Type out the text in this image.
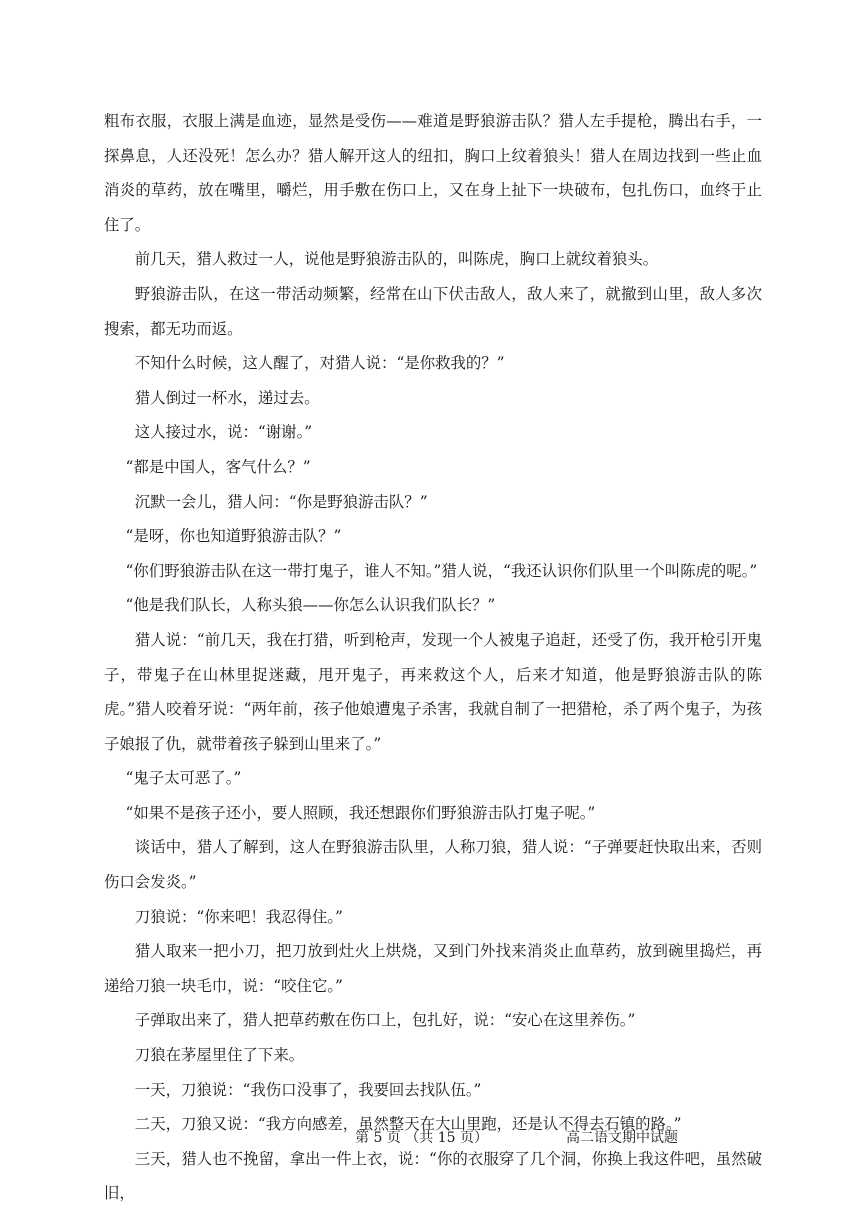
粗布衣服，衣服上满是血迹，显然是受伤——难道是野狼游击队？猎人左手提枪，腾出右手，一探鼻息，人还没死！怎么办？猎人解开这人的纽扣，胸口上纹着狼头！猎人在周边找到一些止血消炎的草药，放在嘴里，嚼烂，用手敷在伤口上，又在身上扯下一块破布，包扎伤口，血终于止住了。

前几天，猎人救过一人，说他是野狼游击队的，叫陈虎，胸口上就纹着狼头。

野狼游击队，在这一带活动频繁，经常在山下伏击敌人，敌人来了，就撤到山里，敌人多次搜索，都无功而返。

不知什么时候，这人醒了，对猎人说：“是你救我的？”

猎人倒过一杯水，递过去。

这人接过水，说：“谢谢。”

“都是中国人，客气什么？”

沉默一会儿，猎人问：“你是野狼游击队？”

“是呀，你也知道野狼游击队？”

“你们野狼游击队在这一带打鬼子，谁人不知。”猎人说，“我还认识你们队里一个叫陈虎的呢。”

“他是我们队长，人称头狼——你怎么认识我们队长？”

猎人说：“前几天，我在打猎，听到枪声，发现一个人被鬼子追赶，还受了伤，我开枪引开鬼子，带鬼子在山林里捉迷藏，甩开鬼子，再来救这个人，后来才知道，他是野狼游击队的陈虎。”猎人咬着牙说：“两年前，孩子他娘遭鬼子杀害，我就自制了一把猎枪，杀了两个鬼子，为孩子娘报了仇，就带着孩子躲到山里来了。”

“鬼子太可恶了。”

“如果不是孩子还小，要人照顾，我还想跟你们野狼游击队打鬼子呢。”

谈话中，猎人了解到，这人在野狼游击队里，人称刀狼，猎人说：“子弹要赶快取出来，否则伤口会发炎。”

刀狼说：“你来吧！我忍得住。”

猎人取来一把小刀，把刀放到灶火上烘烧，又到门外找来消炎止血草药，放到碗里捣烂，再递给刀狼一块毛巾，说：“咬住它。”

子弹取出来了，猎人把草药敷在伤口上，包扎好，说：“安心在这里养伤。”

刀狼在茅屋里住了下来。

一天，刀狼说：“我伤口没事了，我要回去找队伍。”

二天，刀狼又说：“我方向感差，虽然整天在大山里跑，还是认不得去石镇的路。”

三天，猎人也不挽留，拿出一件上衣，说：“你的衣服穿了几个洞，你换上我这件吧，虽然破旧，

第 5 页 （共 15 页）	高二语文期中试题
